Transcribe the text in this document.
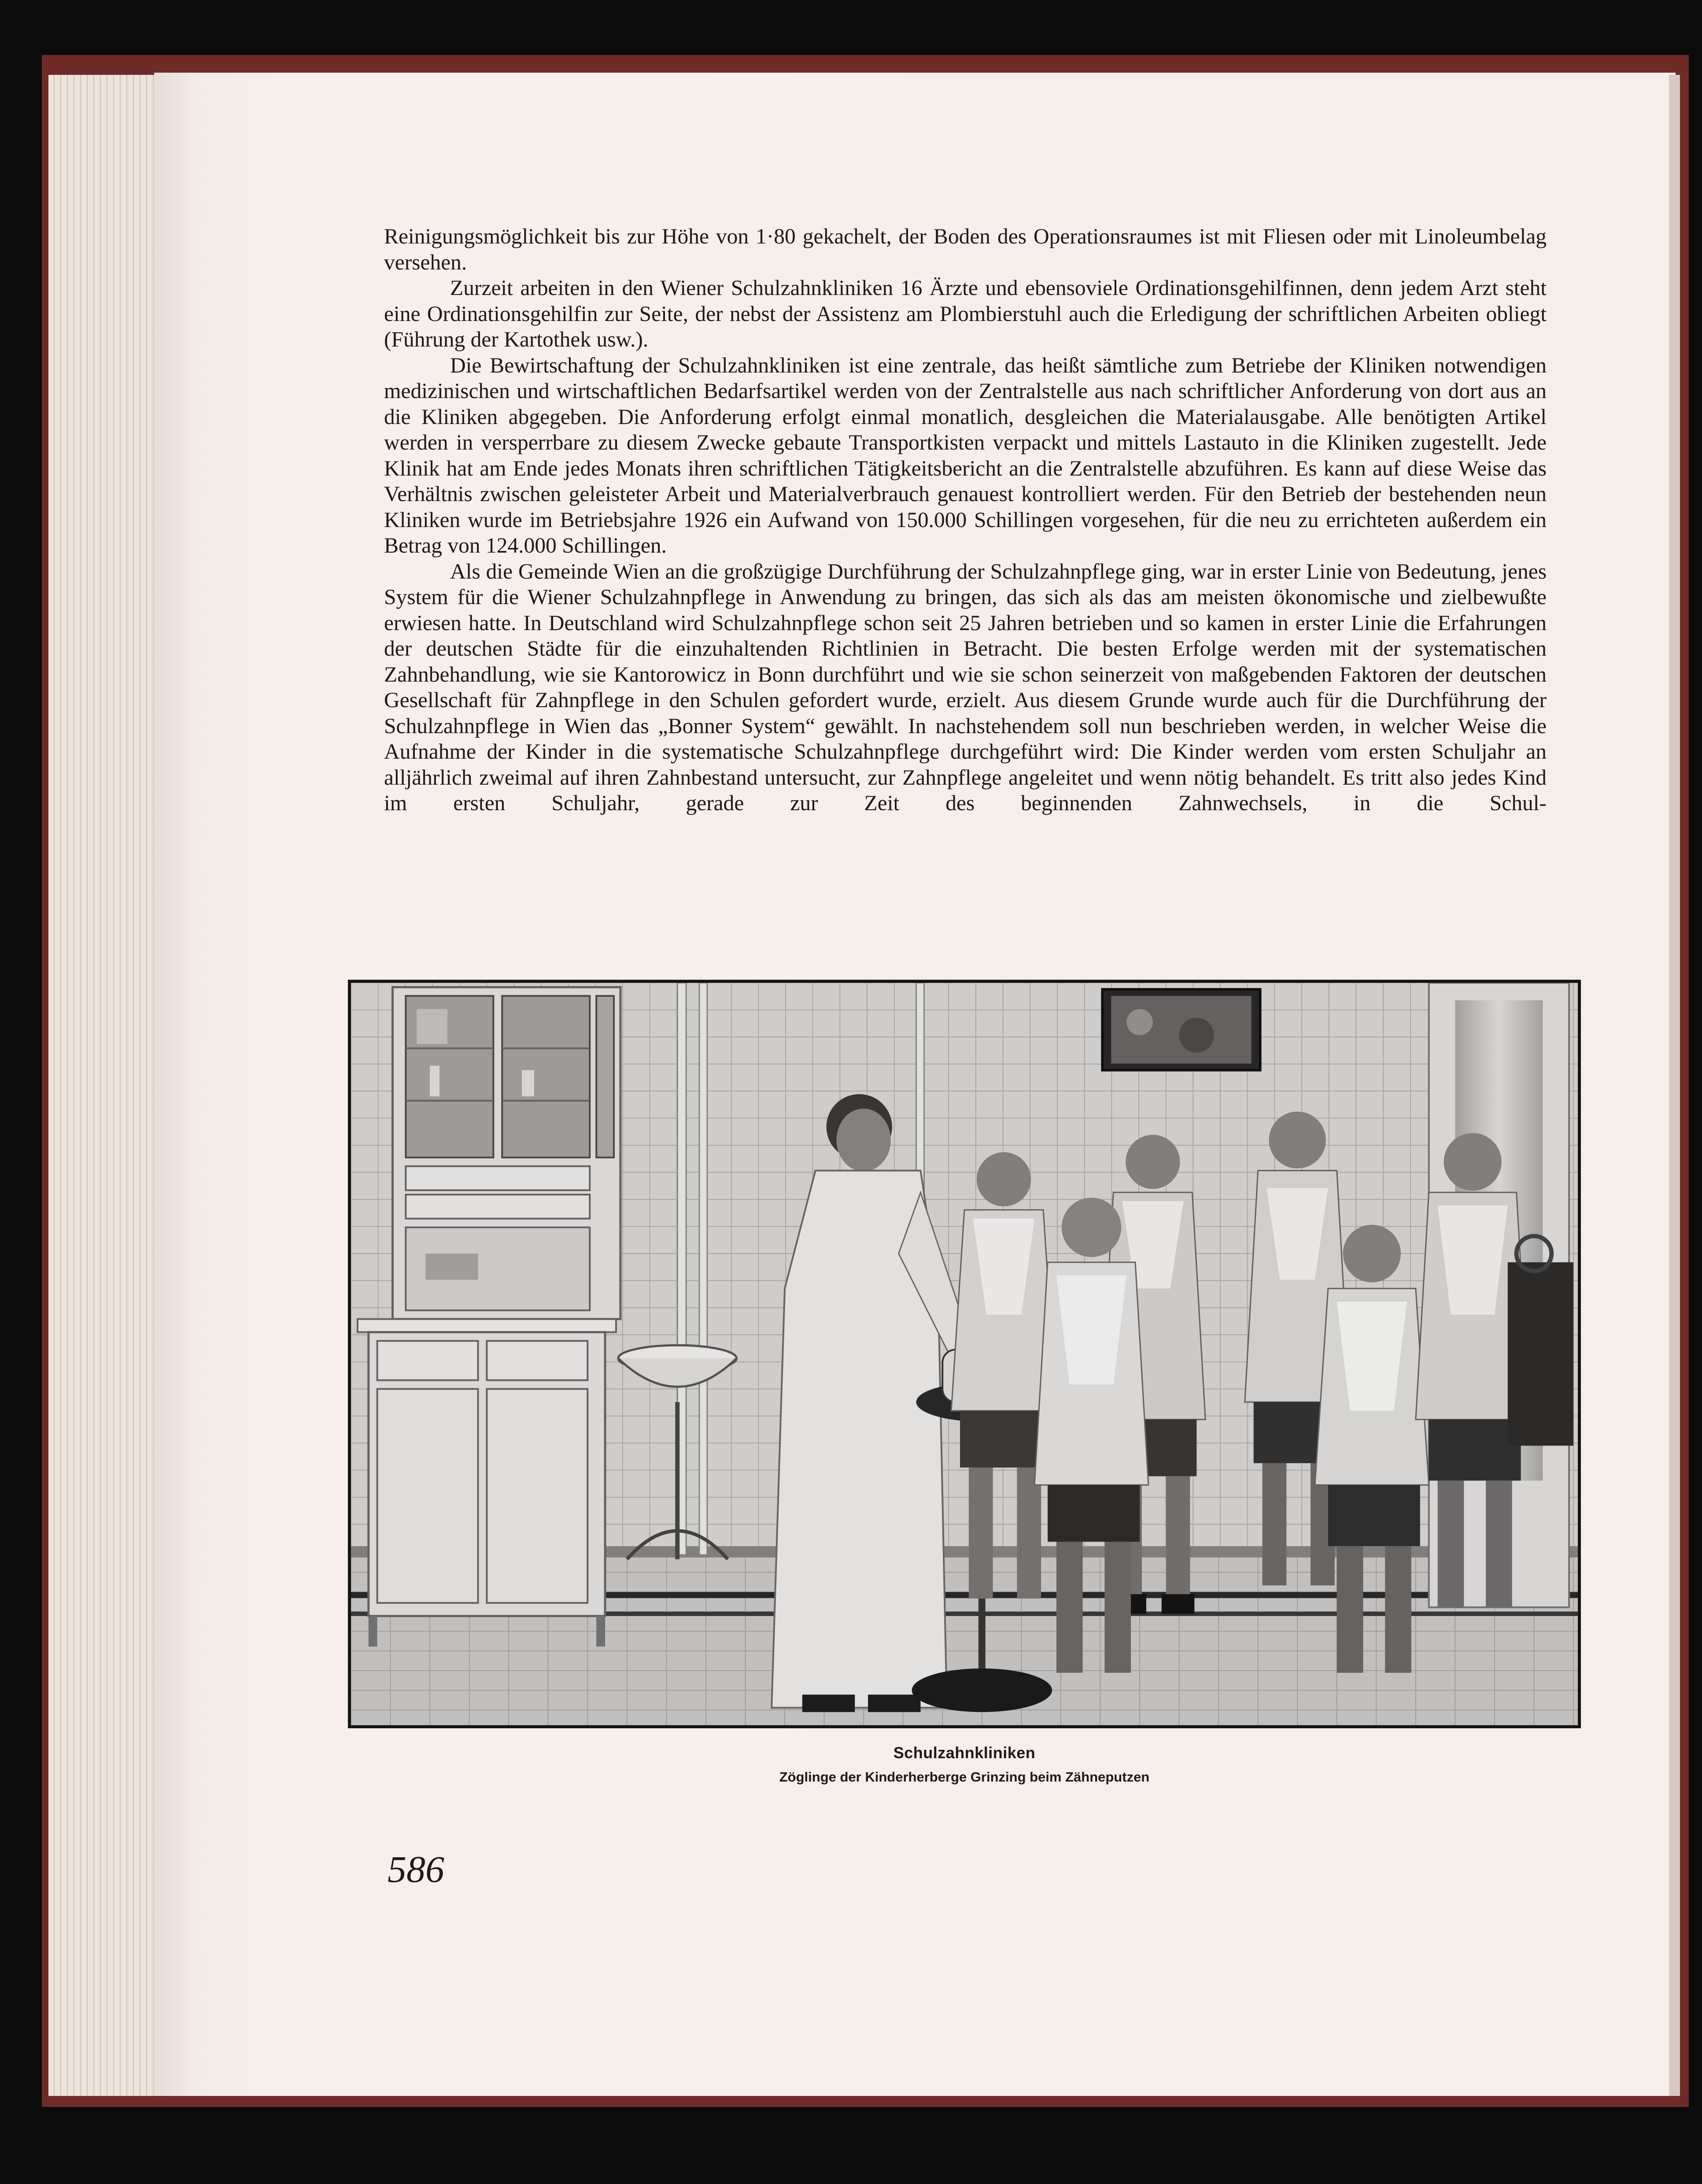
Reinigungsmöglichkeit bis zur Höhe von 1·80 gekachelt, der Boden des Operationsraumes ist mit Fliesen oder mit Linoleumbelag versehen.

Zurzeit arbeiten in den Wiener Schulzahnkliniken 16 Ärzte und ebensoviele Ordinationsgehilfinnen, denn jedem Arzt steht eine Ordinationsgehilfin zur Seite, der nebst der Assistenz am Plombierstuhl auch die Erledigung der schriftlichen Arbeiten obliegt (Führung der Kartothek usw.).

Die Bewirtschaftung der Schulzahnkliniken ist eine zentrale, das heißt sämtliche zum Betriebe der Kliniken notwendigen medizinischen und wirtschaftlichen Bedarfsartikel werden von der Zentralstelle aus nach schriftlicher Anforderung von dort aus an die Kliniken abgegeben. Die Anforderung erfolgt einmal monatlich, desgleichen die Materialausgabe. Alle benötigten Artikel werden in versperrbare zu diesem Zwecke gebaute Transportkisten verpackt und mittels Lastauto in die Kliniken zugestellt. Jede Klinik hat am Ende jedes Monats ihren schriftlichen Tätigkeitsbericht an die Zentralstelle abzuführen. Es kann auf diese Weise das Verhältnis zwischen geleisteter Arbeit und Materialverbrauch genauest kontrolliert werden. Für den Betrieb der bestehenden neun Kliniken wurde im Betriebsjahre 1926 ein Aufwand von 150.000 Schillingen vorgesehen, für die neu zu errichteten außerdem ein Betrag von 124.000 Schillingen.

Als die Gemeinde Wien an die großzügige Durchführung der Schulzahnpflege ging, war in erster Linie von Bedeutung, jenes System für die Wiener Schulzahnpflege in Anwendung zu bringen, das sich als das am meisten ökonomische und zielbewußte erwiesen hatte. In Deutschland wird Schulzahnpflege schon seit 25 Jahren betrieben und so kamen in erster Linie die Erfahrungen der deutschen Städte für die einzuhaltenden Richtlinien in Betracht. Die besten Erfolge werden mit der systematischen Zahnbehandlung, wie sie Kantorowicz in Bonn durchführt und wie sie schon seinerzeit von maßgebenden Faktoren der deutschen Gesellschaft für Zahnpflege in den Schulen gefordert wurde, erzielt. Aus diesem Grunde wurde auch für die Durchführung der Schulzahnpflege in Wien das „Bonner System“ gewählt. In nachstehendem soll nun beschrieben werden, in welcher Weise die Aufnahme der Kinder in die systematische Schulzahnpflege durchgeführt wird: Die Kinder werden vom ersten Schuljahr an alljährlich zweimal auf ihren Zahnbestand untersucht, zur Zahnpflege angeleitet und wenn nötig behandelt. Es tritt also jedes Kind im ersten Schuljahr, gerade zur Zeit des beginnenden Zahnwechsels, in die Schul-

Schulzahnkliniken
Zöglinge der Kinderherberge Grinzing beim Zähneputzen
586
